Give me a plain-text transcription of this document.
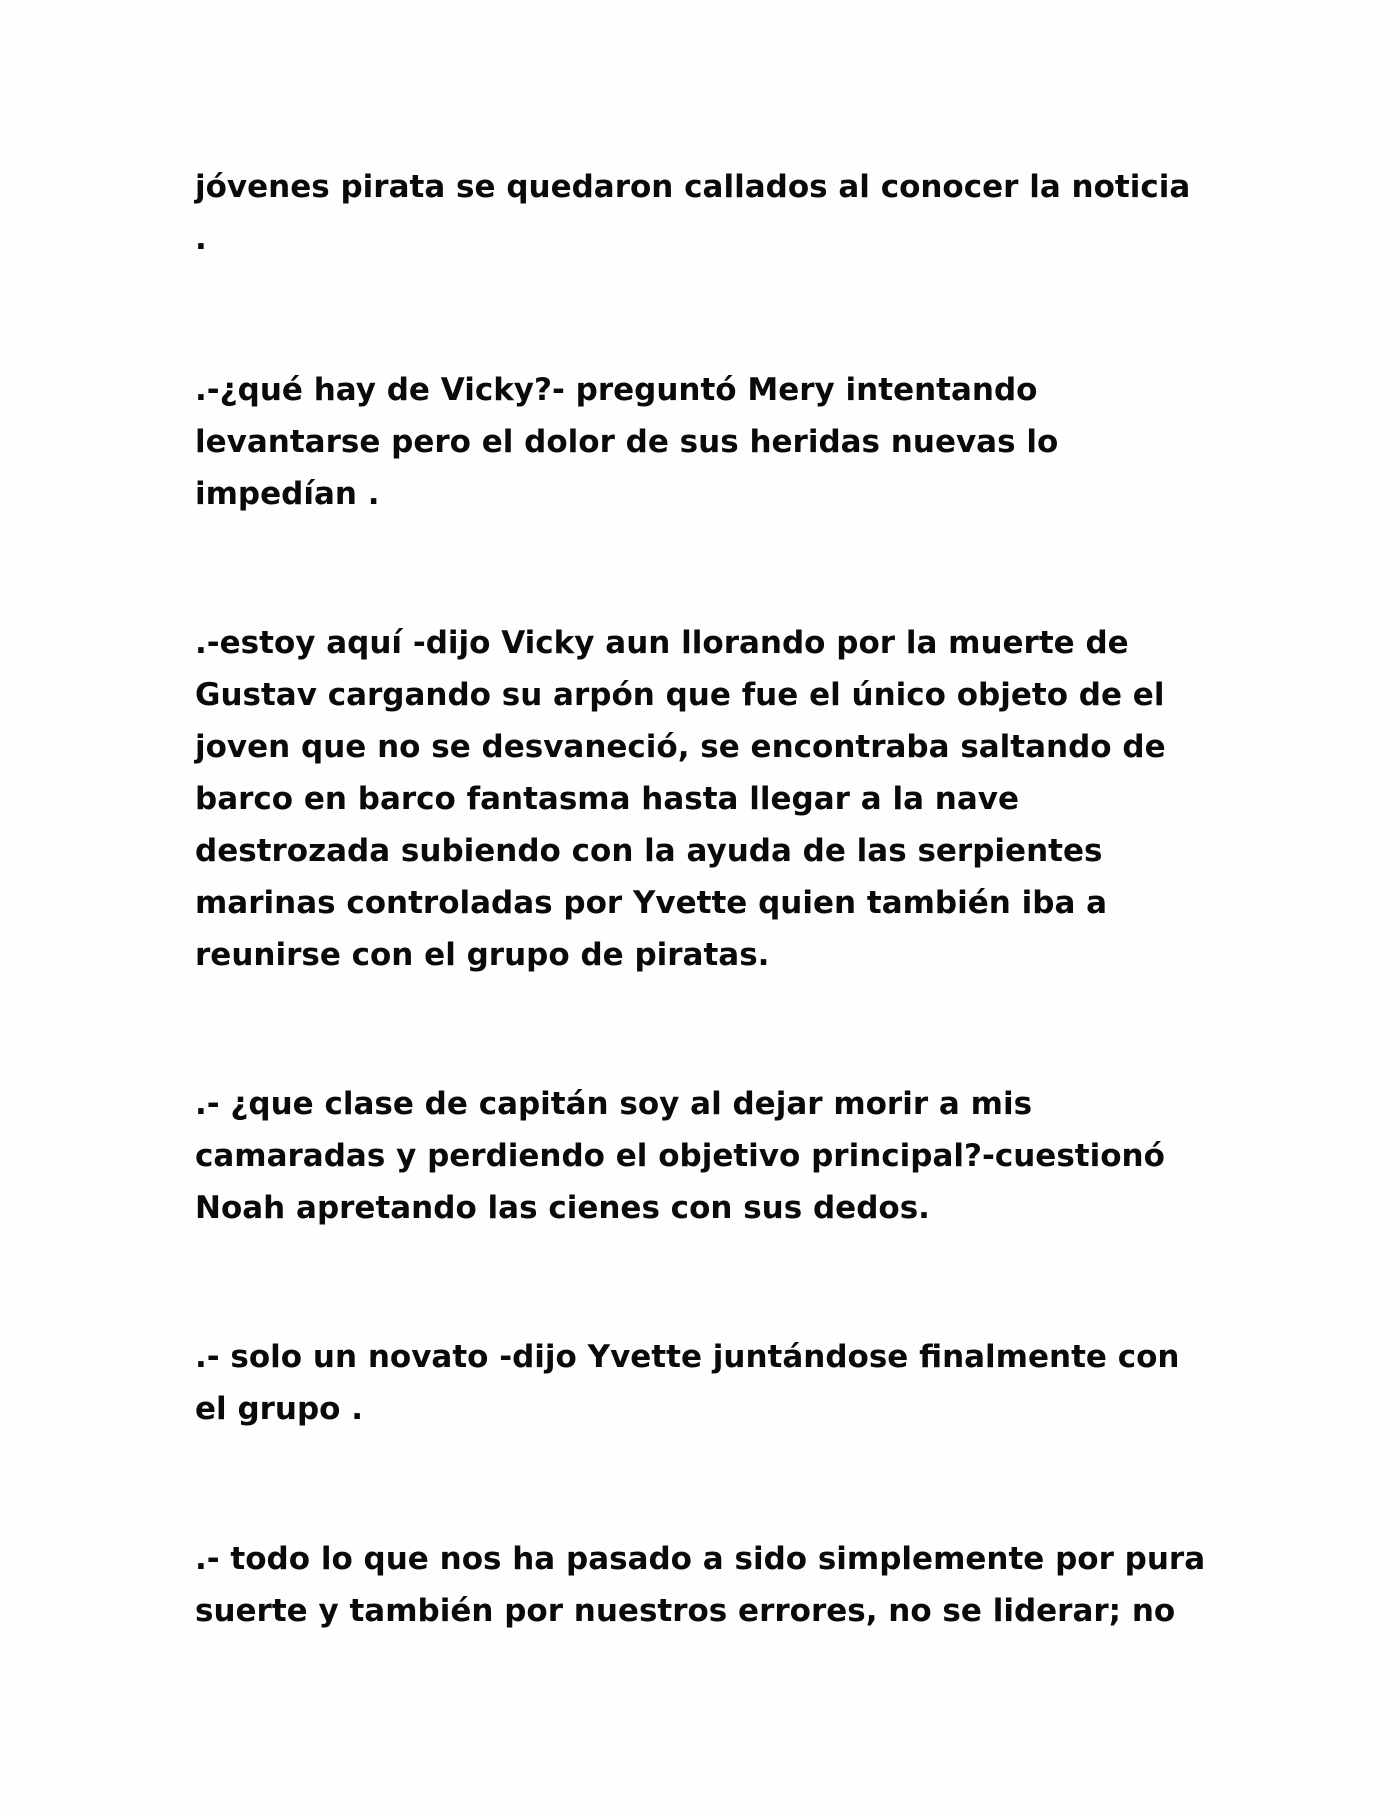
jóvenes pirata se quedaron callados al conocer la noticia

.

.-¿qué hay de Vicky?- preguntó Mery intentando

levantarse pero el dolor de sus heridas nuevas lo

impedían .

.-estoy aquí -dijo Vicky aun llorando por la muerte de

Gustav cargando su arpón que fue el único objeto de el

joven que no se desvaneció, se encontraba saltando de

barco en barco fantasma hasta llegar a la nave

destrozada subiendo con la ayuda de las serpientes

marinas controladas por Yvette quien también iba a

reunirse con el grupo de piratas.

.- ¿que clase de capitán soy al dejar morir a mis

camaradas y perdiendo el objetivo principal?-cuestionó

Noah apretando las cienes con sus dedos.

.- solo un novato -dijo Yvette juntándose finalmente con

el grupo .

.- todo lo que nos ha pasado a sido simplemente por pura

suerte y también por nuestros errores, no se liderar; no
